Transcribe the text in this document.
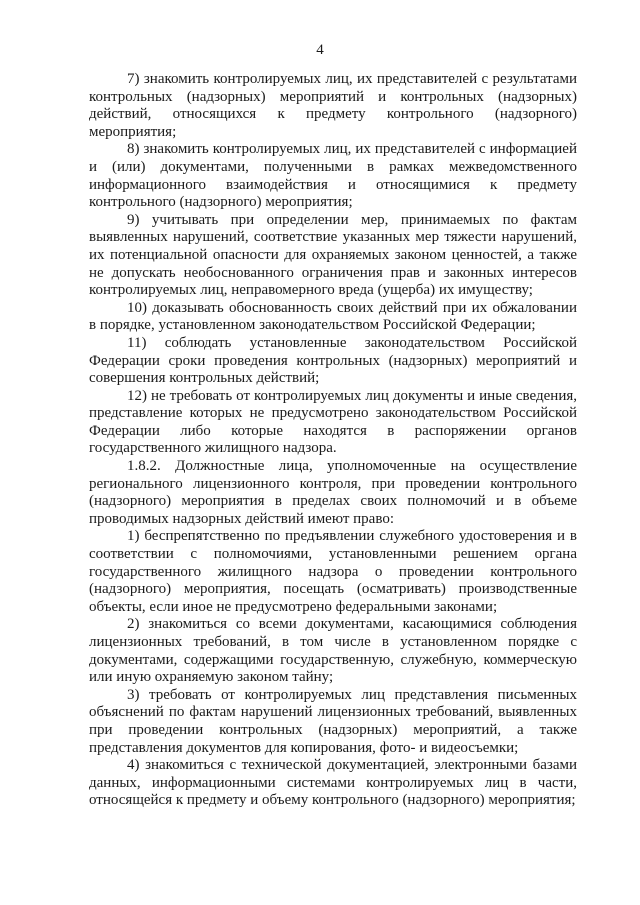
4

7) знакомить контролируемых лиц, их представителей с результатами контрольных (надзорных) мероприятий и контрольных (надзорных) действий, относящихся к предмету контрольного (надзорного) мероприятия;

8) знакомить контролируемых лиц, их представителей с информацией и (или) документами, полученными в рамках межведомственного информационного взаимодействия и относящимися к предмету контрольного (надзорного) мероприятия;

9) учитывать при определении мер, принимаемых по фактам выявленных нарушений, соответствие указанных мер тяжести нарушений, их потенциальной опасности для охраняемых законом ценностей, а также не допускать необоснованного ограничения прав и законных интересов контролируемых лиц, неправомерного вреда (ущерба) их имуществу;

10) доказывать обоснованность своих действий при их обжаловании в порядке, установленном законодательством Российской Федерации;

11) соблюдать установленные законодательством Российской Федерации сроки проведения контрольных (надзорных) мероприятий и совершения контрольных действий;

12) не требовать от контролируемых лиц документы и иные сведения, представление которых не предусмотрено законодательством Российской Федерации либо которые находятся в распоряжении органов государственного жилищного надзора.

1.8.2. Должностные лица, уполномоченные на осуществление регионального лицензионного контроля, при проведении контрольного (надзорного) мероприятия в пределах своих полномочий и в объеме проводимых надзорных действий имеют право:

1) беспрепятственно по предъявлении служебного удостоверения и в соответствии с полномочиями, установленными решением органа государственного жилищного надзора о проведении контрольного (надзорного) мероприятия, посещать (осматривать) производственные объекты, если иное не предусмотрено федеральными законами;

2) знакомиться со всеми документами, касающимися соблюдения лицензионных требований, в том числе в установленном порядке с документами, содержащими государственную, служебную, коммерческую или иную охраняемую законом тайну;

3) требовать от контролируемых лиц представления письменных объяснений по фактам нарушений лицензионных требований, выявленных при проведении контрольных (надзорных) мероприятий, а также представления документов для копирования, фото- и видеосъемки;

4) знакомиться с технической документацией, электронными базами данных, информационными системами контролируемых лиц в части, относящейся к предмету и объему контрольного (надзорного) мероприятия;
